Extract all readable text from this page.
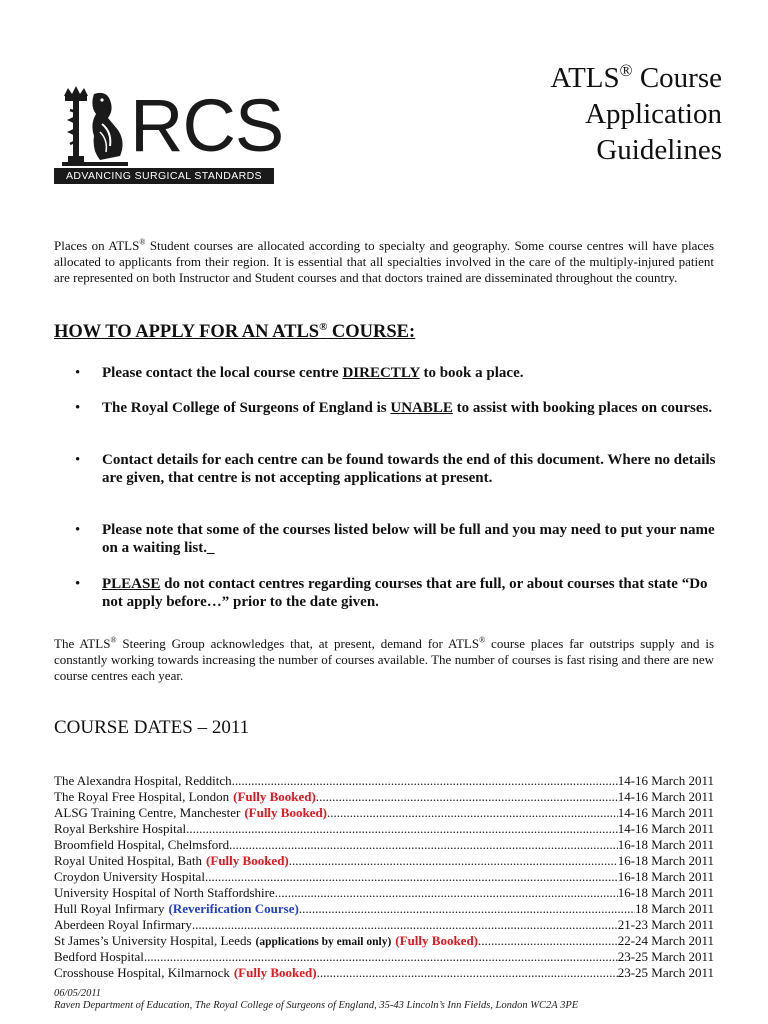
RCS
ADVANCING SURGICAL STANDARDS
ATLS® Course
Application
Guidelines
Places on ATLS® Student courses are allocated according to specialty and geography. Some course centres will have places allocated to applicants from their region. It is essential that all specialties involved in the care of the multiply-injured patient are represented on both Instructor and Student courses and that doctors trained are disseminated throughout the country.
HOW TO APPLY FOR AN ATLS® COURSE:
• Please contact the local course centre DIRECTLY to book a place.
• The Royal College of Surgeons of England is UNABLE to assist with booking places on courses.
• Contact details for each centre can be found towards the end of this document. Where no details are given, that centre is not accepting applications at present.
• Please note that some of the courses listed below will be full and you may need to put your name on a waiting list._
• PLEASE do not contact centres regarding courses that are full, or about courses that state “Do not apply before…” prior to the date given.
The ATLS® Steering Group acknowledges that, at present, demand for ATLS® course places far outstrips supply and is constantly working towards increasing the number of courses available. The number of courses is fast rising and there are new course centres each year.
COURSE DATES – 2011
The Alexandra Hospital, Redditch .....	14-16 March 2011
The Royal Free Hospital, London (Fully Booked) .....	14-16 March 2011
ALSG Training Centre, Manchester (Fully Booked) .....	14-16 March 2011
Royal Berkshire Hospital .....	14-16 March 2011
Broomfield Hospital, Chelmsford .....	16-18 March 2011
Royal United Hospital, Bath (Fully Booked) .....	16-18 March 2011
Croydon University Hospital .....	16-18 March 2011
University Hospital of North Staffordshire .....	16-18 March 2011
Hull Royal Infirmary (Reverification Course) .....	18 March 2011
Aberdeen Royal Infirmary .....	21-23 March 2011
St James’s University Hospital, Leeds (applications by email only) (Fully Booked) .....	22-24 March 2011
Bedford Hospital .....	23-25 March 2011
Crosshouse Hospital, Kilmarnock (Fully Booked) .....	23-25 March 2011
06/05/2011
Raven Department of Education, The Royal College of Surgeons of England, 35-43 Lincoln’s Inn Fields, London WC2A 3PE
